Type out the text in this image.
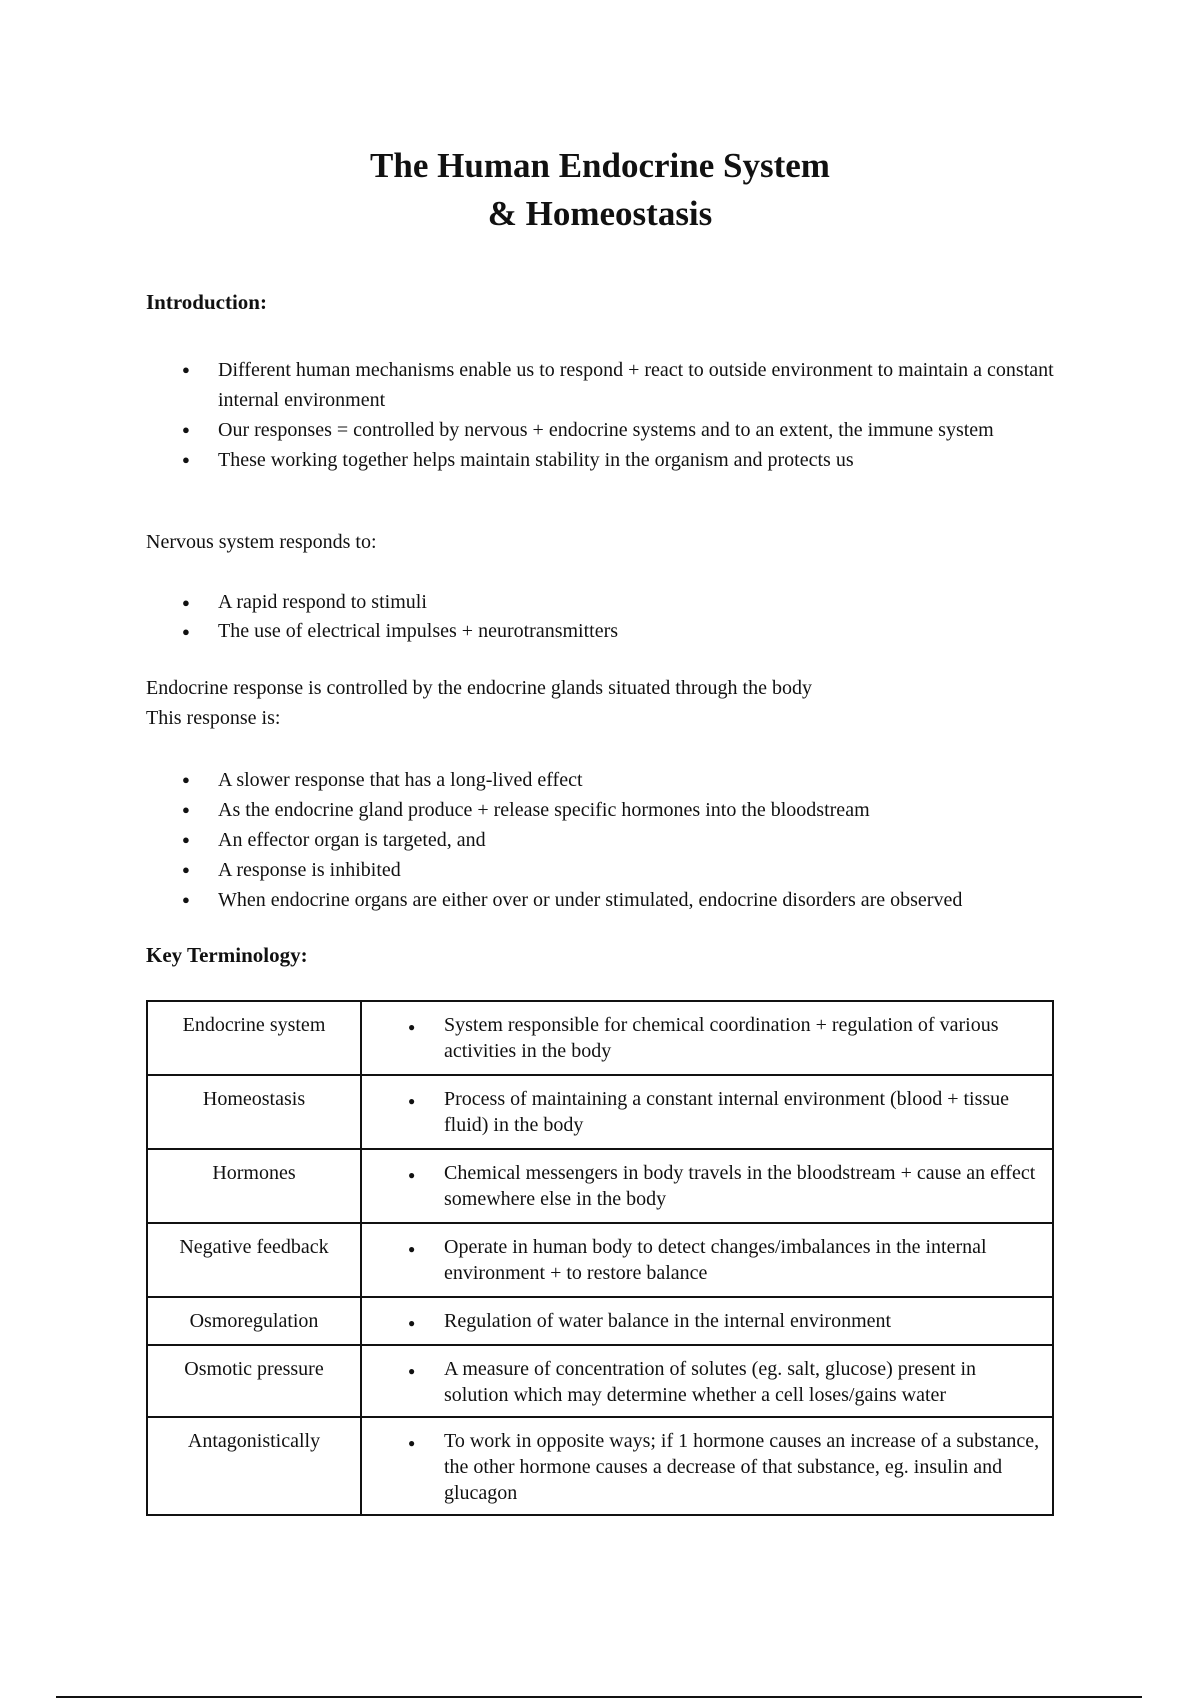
The Human Endocrine System
& Homeostasis
Introduction:
● Different human mechanisms enable us to respond + react to outside environment to maintain a constant internal environment
● Our responses = controlled by nervous + endocrine systems and to an extent, the immune system
● These working together helps maintain stability in the organism and protects us

Nervous system responds to:

● A rapid respond to stimuli
● The use of electrical impulses + neurotransmitters

Endocrine response is controlled by the endocrine glands situated through the body
This response is:

● A slower response that has a long-lived effect
● As the endocrine gland produce + release specific hormones into the bloodstream
● An effector organ is targeted, and
● A response is inhibited
● When endocrine organs are either over or under stimulated, endocrine disorders are observed
Key Terminology:
Endocrine system	● System responsible for chemical coordination + regulation of various activities in the body
Homeostasis	● Process of maintaining a constant internal environment (blood + tissue fluid) in the body
Hormones	● Chemical messengers in body travels in the bloodstream + cause an effect somewhere else in the body
Negative feedback	● Operate in human body to detect changes/imbalances in the internal environment + to restore balance
Osmoregulation	● Regulation of water balance in the internal environment
Osmotic pressure	● A measure of concentration of solutes (eg. salt, glucose) present in solution which may determine whether a cell loses/gains water
Antagonistically	● To work in opposite ways; if 1 hormone causes an increase of a substance, the other hormone causes a decrease of that substance, eg. insulin and glucagon
